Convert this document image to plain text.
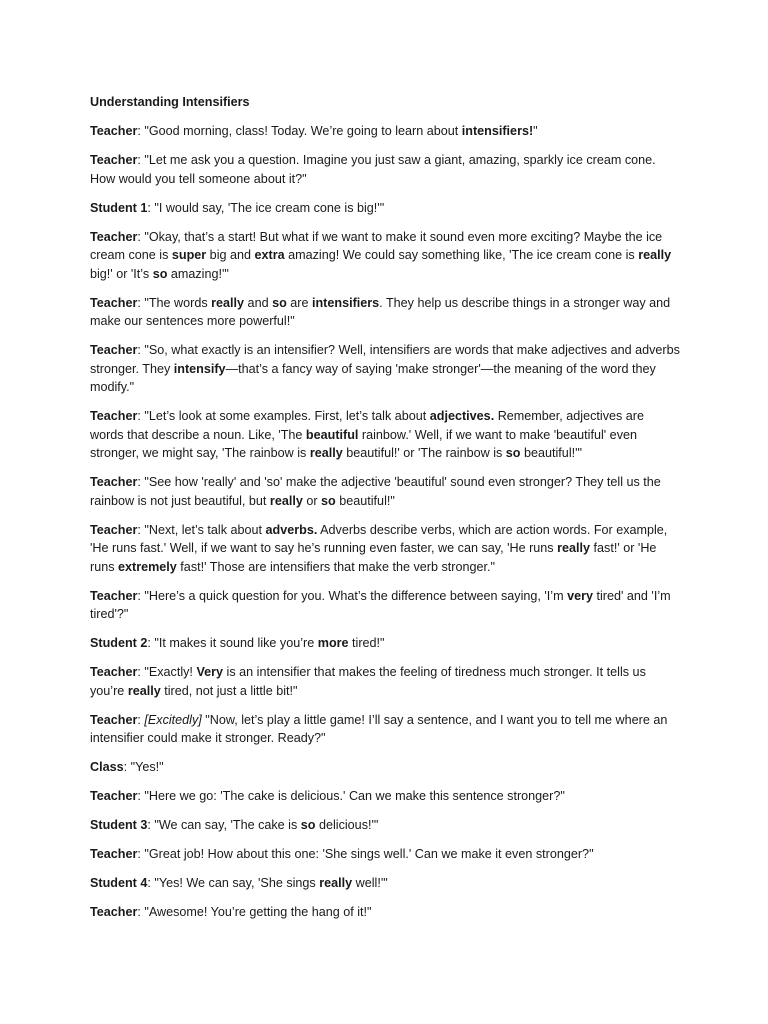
Understanding Intensifiers

Teacher: "Good morning, class! Today. We’re going to learn about intensifiers!"

Teacher: "Let me ask you a question. Imagine you just saw a giant, amazing, sparkly ice cream cone. How would you tell someone about it?"

Student 1: "I would say, 'The ice cream cone is big!'"

Teacher: "Okay, that’s a start! But what if we want to make it sound even more exciting? Maybe the ice cream cone is super big and extra amazing! We could say something like, 'The ice cream cone is really big!' or 'It’s so amazing!'"

Teacher: "The words really and so are intensifiers. They help us describe things in a stronger way and make our sentences more powerful!"

Teacher: "So, what exactly is an intensifier? Well, intensifiers are words that make adjectives and adverbs stronger. They intensify—that’s a fancy way of saying 'make stronger'—the meaning of the word they modify."

Teacher: "Let’s look at some examples. First, let’s talk about adjectives. Remember, adjectives are words that describe a noun. Like, 'The beautiful rainbow.' Well, if we want to make 'beautiful' even stronger, we might say, 'The rainbow is really beautiful!' or 'The rainbow is so beautiful!'"

Teacher: "See how 'really' and 'so' make the adjective 'beautiful' sound even stronger? They tell us the rainbow is not just beautiful, but really or so beautiful!"

Teacher: "Next, let’s talk about adverbs. Adverbs describe verbs, which are action words. For example, 'He runs fast.' Well, if we want to say he’s running even faster, we can say, 'He runs really fast!' or 'He runs extremely fast!' Those are intensifiers that make the verb stronger."

Teacher: "Here’s a quick question for you. What’s the difference between saying, 'I’m very tired' and 'I’m tired'?"

Student 2: "It makes it sound like you’re more tired!"

Teacher: "Exactly! Very is an intensifier that makes the feeling of tiredness much stronger. It tells us you’re really tired, not just a little bit!"

Teacher: [Excitedly] "Now, let’s play a little game! I’ll say a sentence, and I want you to tell me where an intensifier could make it stronger. Ready?"

Class: "Yes!"

Teacher: "Here we go: 'The cake is delicious.' Can we make this sentence stronger?"

Student 3: "We can say, 'The cake is so delicious!'"

Teacher: "Great job! How about this one: 'She sings well.' Can we make it even stronger?"

Student 4: "Yes! We can say, 'She sings really well!'"

Teacher: "Awesome! You’re getting the hang of it!"
